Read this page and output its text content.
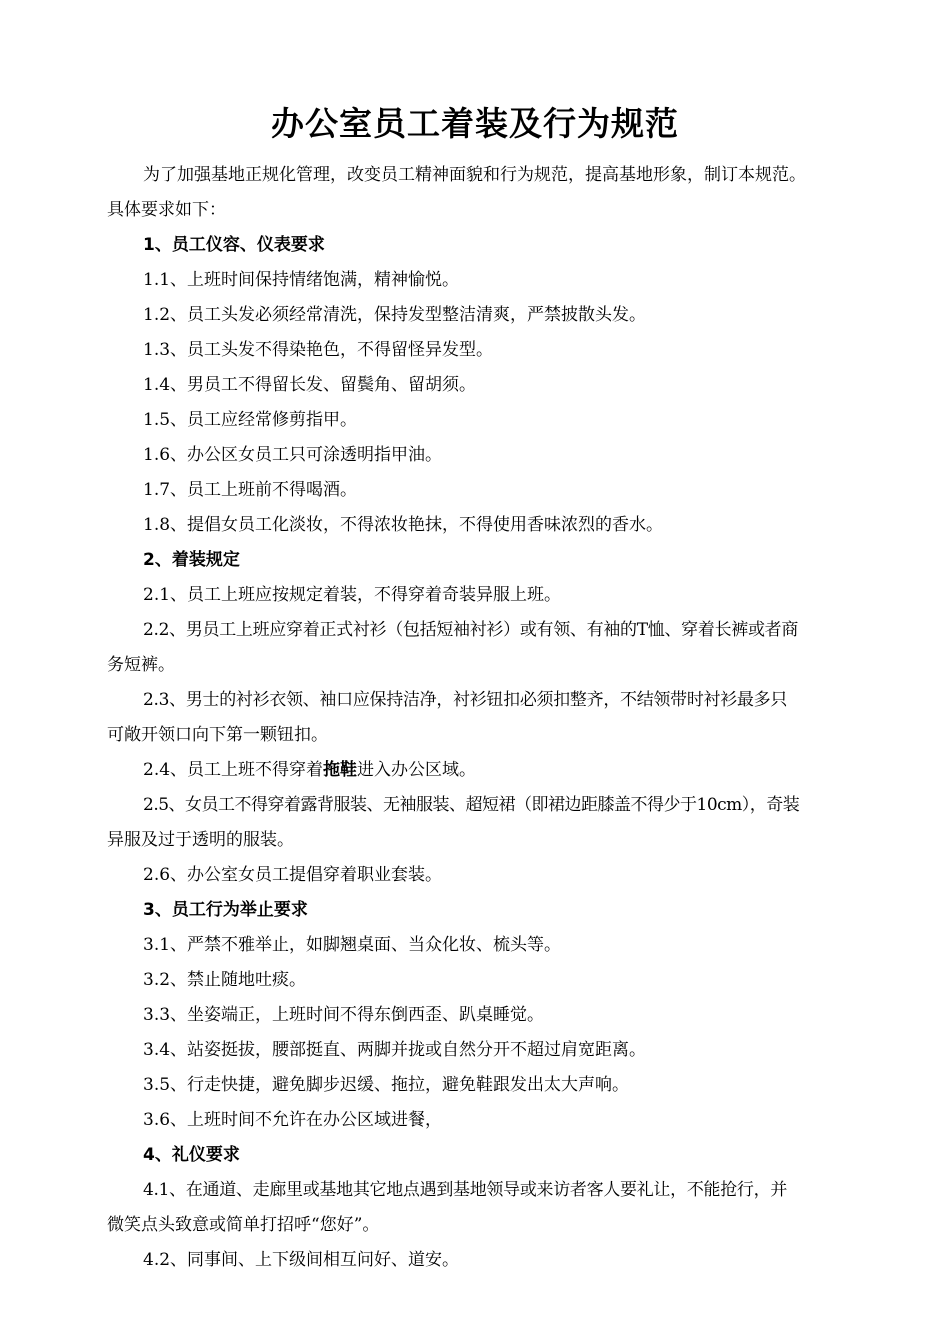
办公室员工着装及行为规范

为了加强基地正规化管理，改变员工精神面貌和行为规范，提高基地形象，制订本规范。
具体要求如下：

1、员工仪容、仪表要求

1.1、上班时间保持情绪饱满，精神愉悦。

1.2、员工头发必须经常清洗，保持发型整洁清爽，严禁披散头发。

1.3、员工头发不得染艳色，不得留怪异发型。

1.4、男员工不得留长发、留鬓角、留胡须。

1.5、员工应经常修剪指甲。

1.6、办公区女员工只可涂透明指甲油。

1.7、员工上班前不得喝酒。

1.8、提倡女员工化淡妆，不得浓妆艳抹，不得使用香味浓烈的香水。

2、着装规定

2.1、员工上班应按规定着装，不得穿着奇装异服上班。

2.2、男员工上班应穿着正式衬衫（包括短袖衬衫）或有领、有袖的T恤、穿着长裤或者商
务短裤。

2.3、男士的衬衫衣领、袖口应保持洁净，衬衫钮扣必须扣整齐，不结领带时衬衫最多只
可敞开领口向下第一颗钮扣。

2.4、员工上班不得穿着拖鞋进入办公区域。

2.5、女员工不得穿着露背服装、无袖服装、超短裙（即裙边距膝盖不得少于10cm），奇装
异服及过于透明的服装。

2.6、办公室女员工提倡穿着职业套装。

3、员工行为举止要求

3.1、严禁不雅举止，如脚翘桌面、当众化妆、梳头等。

3.2、禁止随地吐痰。

3.3、坐姿端正，上班时间不得东倒西歪、趴桌睡觉。

3.4、站姿挺拔，腰部挺直、两脚并拢或自然分开不超过肩宽距离。

3.5、行走快捷，避免脚步迟缓、拖拉，避免鞋跟发出太大声响。

3.6、上班时间不允许在办公区域进餐，

4、礼仪要求

4.1、在通道、走廊里或基地其它地点遇到基地领导或来访者客人要礼让，不能抢行，并
微笑点头致意或简单打招呼“您好”。

4.2、同事间、上下级间相互问好、道安。
